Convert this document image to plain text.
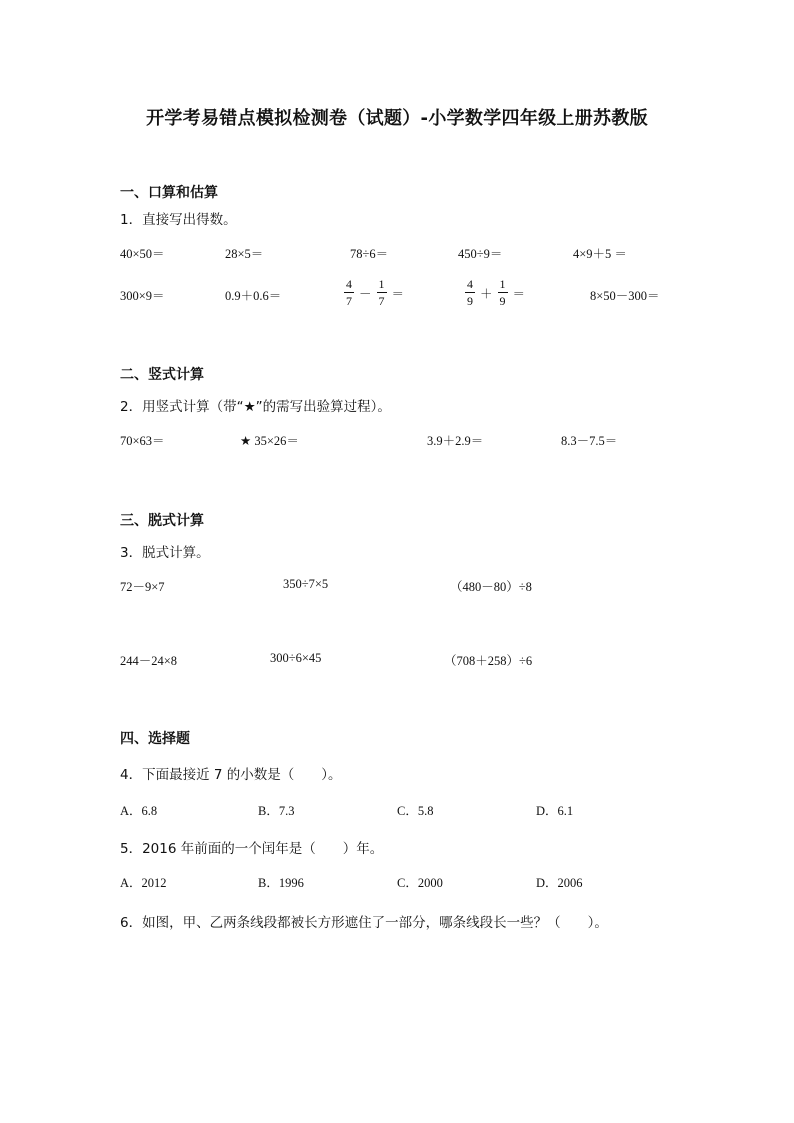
开学考易错点模拟检测卷（试题）-小学数学四年级上册苏教版
一、口算和估算
1．直接写出得数。
40×50＝	28×5＝	78÷6＝	450÷9＝	4×9＋5 ＝
300×9＝	0.9＋0.6＝	$\frac{4}{7} - \frac{1}{7}$ ＝	$\frac{4}{9} + \frac{1}{9}$ ＝	8×50－300＝
二、竖式计算
2．用竖式计算（带“★”的需写出验算过程）。
70×63＝	★ 35×26＝	3.9＋2.9＝	8.3－7.5＝
三、脱式计算
3．脱式计算。
72－9×7	350÷7×5	（480－80）÷8
244－24×8	300÷6×45	（708＋258）÷6
四、选择题
4．下面最接近 7 的小数是（　　）。
A．6.8	B．7.3	C．5.8	D．6.1
5．2016 年前面的一个闰年是（　　）年。
A．2012	B．1996	C．2000	D．2006
6．如图，甲、乙两条线段都被长方形遮住了一部分，哪条线段长一些？（　　）。
